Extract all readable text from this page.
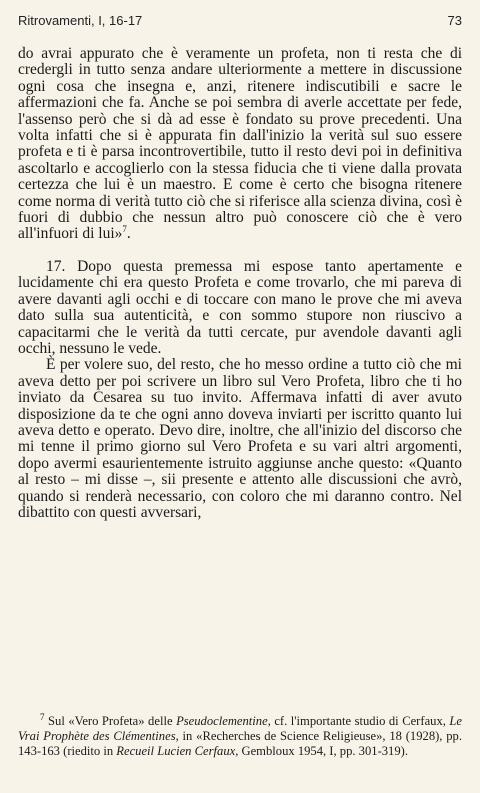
Ritrovamenti, I, 16-17	73

do avrai appurato che è veramente un profeta, non ti resta che di credergli in tutto senza andare ulteriormente a mettere in discussione ogni cosa che insegna e, anzi, ritenere indiscutibili e sacre le affermazioni che fa. Anche se poi sembra di averle accettate per fede, l'assenso però che si dà ad esse è fondato su prove precedenti. Una volta infatti che si è appurata fin dall'inizio la verità sul suo essere profeta e ti è parsa incontrovertibile, tutto il resto devi poi in definitiva ascoltarlo e accoglierlo con la stessa fiducia che ti viene dalla provata certezza che lui è un maestro. E come è certo che bisogna ritenere come norma di verità tutto ciò che si riferisce alla scienza divina, così è fuori di dubbio che nessun altro può conoscere ciò che è vero all'infuori di lui»$^7$.

17. Dopo questa premessa mi espose tanto apertamente e lucidamente chi era questo Profeta e come trovarlo, che mi pareva di avere davanti agli occhi e di toccare con mano le prove che mi aveva dato sulla sua autenticità, e con sommo stupore non riuscivo a capacitarmi che le verità da tutti cercate, pur avendole davanti agli occhi, nessuno le vede.

È per volere suo, del resto, che ho messo ordine a tutto ciò che mi aveva detto per poi scrivere un libro sul Vero Profeta, libro che ti ho inviato da Cesarea su tuo invito. Affermava infatti di aver avuto disposizione da te che ogni anno doveva inviarti per iscritto quanto lui aveva detto e operato. Devo dire, inoltre, che all'inizio del discorso che mi tenne il primo giorno sul Vero Profeta e su vari altri argomenti, dopo avermi esaurientemente istruito aggiunse anche questo: «Quanto al resto – mi disse –, sii presente e attento alle discussioni che avrò, quando si renderà necessario, con coloro che mi daranno contro. Nel dibattito con questi avversari,

$^7$ Sul «Vero Profeta» delle Pseudoclementine, cf. l'importante studio di Cerfaux, Le Vrai Prophète des Clémentines, in «Recherches de Science Religieuse», 18 (1928), pp. 143-163 (riedito in Recueil Lucien Cerfaux, Gembloux 1954, I, pp. 301-319).
